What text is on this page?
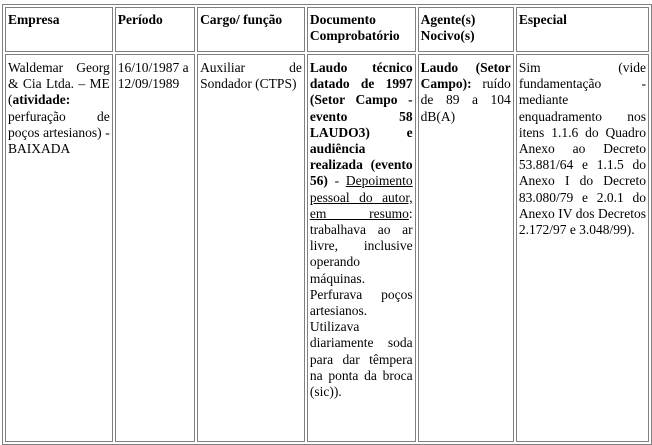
Empresa	Período	Cargo/ função	Documento Comprobatório	Agente(s) Nocivo(s)	Especial
Waldemar Georg & Cia Ltda. – ME (atividade: perfuração de poços artesianos) - BAIXADA	16/10/1987 a 12/09/1989	Auxiliar de Sondador (CTPS)	Laudo técnico datado de 1997 (Setor Campo - evento 58 LAUDO3) e audiência realizada (evento 56) - Depoimento pessoal do autor, em resumo: trabalhava ao ar livre, inclusive operando máquinas. Perfurava poços artesianos. Utilizava diariamente soda para dar têmpera na ponta da broca (sic)).	Laudo (Setor Campo): ruído de 89 a 104 dB(A)	Sim (vide fundamentação - mediante enquadramento nos itens 1.1.6 do Quadro Anexo ao Decreto 53.881/64 e 1.1.5 do Anexo I do Decreto 83.080/79 e 2.0.1 do Anexo IV dos Decretos 2.172/97 e 3.048/99).
